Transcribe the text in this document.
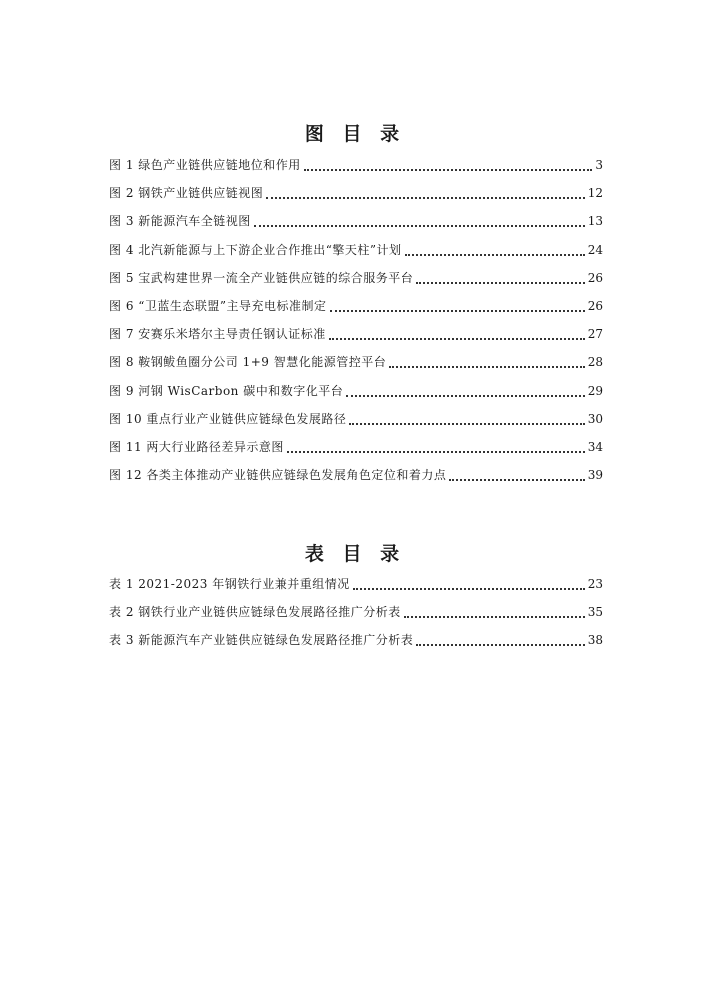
图 目 录
图 1 绿色产业链供应链地位和作用	3
图 2 钢铁产业链供应链视图	12
图 3 新能源汽车全链视图	13
图 4 北汽新能源与上下游企业合作推出“擎天柱”计划	24
图 5 宝武构建世界一流全产业链供应链的综合服务平台	26
图 6 “卫蓝生态联盟”主导充电标准制定	26
图 7 安赛乐米塔尔主导责任钢认证标准	27
图 8 鞍钢鲅鱼圈分公司 1+9 智慧化能源管控平台	28
图 9 河钢 WisCarbon 碳中和数字化平台	29
图 10 重点行业产业链供应链绿色发展路径	30
图 11 两大行业路径差异示意图	34
图 12 各类主体推动产业链供应链绿色发展角色定位和着力点	39
表 目 录
表 1 2021-2023 年钢铁行业兼并重组情况	23
表 2 钢铁行业产业链供应链绿色发展路径推广分析表	35
表 3 新能源汽车产业链供应链绿色发展路径推广分析表	38
